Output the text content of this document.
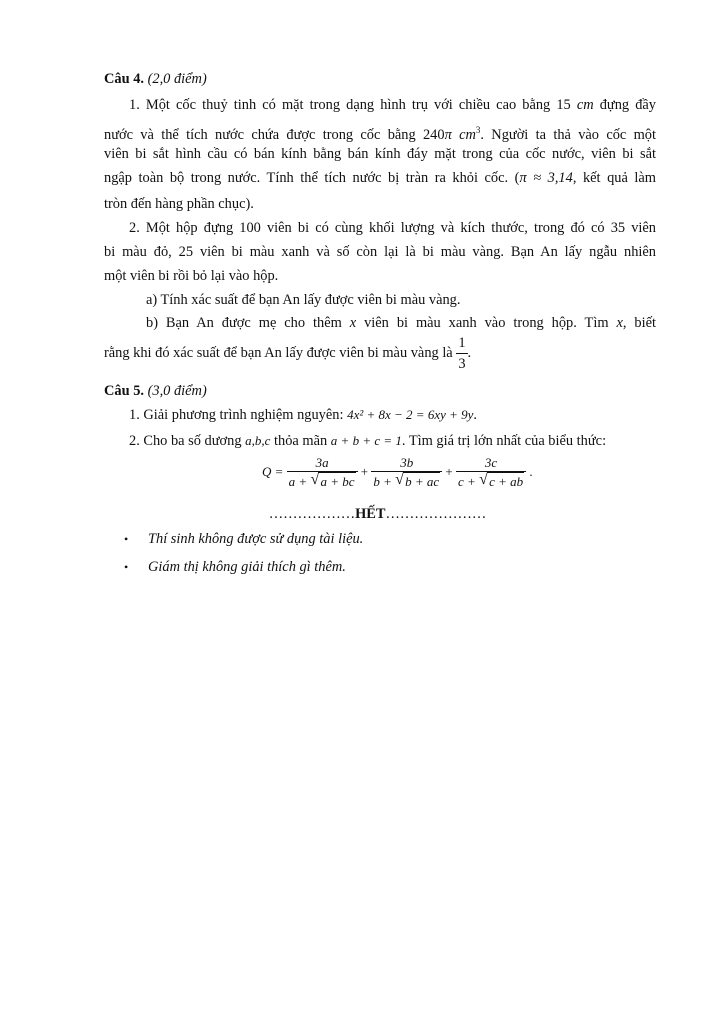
Câu 4. (2,0 điểm)
1. Một cốc thuỷ tinh có mặt trong dạng hình trụ với chiều cao bằng 15 cm đựng đầy
nước và thể tích nước chứa được trong cốc bằng 240π $cm^3$. Người ta thả vào cốc một
viên bi sắt hình cầu có bán kính bằng bán kính đáy mặt trong của cốc nước, viên bi sắt
ngập toàn bộ trong nước. Tính thể tích nước bị tràn ra khỏi cốc. (π ≈ 3,14, kết quả làm
tròn đến hàng phần chục).
2. Một hộp đựng 100 viên bi có cùng khối lượng và kích thước, trong đó có 35 viên
bi màu đỏ, 25 viên bi màu xanh và số còn lại là bi màu vàng. Bạn An lấy ngẫu nhiên
một viên bi rồi bỏ lại vào hộp.
a) Tính xác suất để bạn An lấy được viên bi màu vàng.
b) Bạn An được mẹ cho thêm x viên bi màu xanh vào trong hộp. Tìm x, biết
rằng khi đó xác suất để bạn An lấy được viên bi màu vàng là $\frac{1}{3}$ .
Câu 5. (3,0 điểm)
1. Giải phương trình nghiệm nguyên: 4x² + 8x − 2 = 6xy + 9y.
2. Cho ba số dương a,b,c thỏa mãn a + b + c = 1. Tìm giá trị lớn nhất của biểu thức:
$Q = \frac{3a}{a + √ a + bc} + \frac{3b}{b + √ b + ac} + \frac{3c}{c + √ c + ab}$ .
………………HẾT…………………
• Thí sinh không được sử dụng tài liệu.
• Giám thị không giải thích gì thêm.
